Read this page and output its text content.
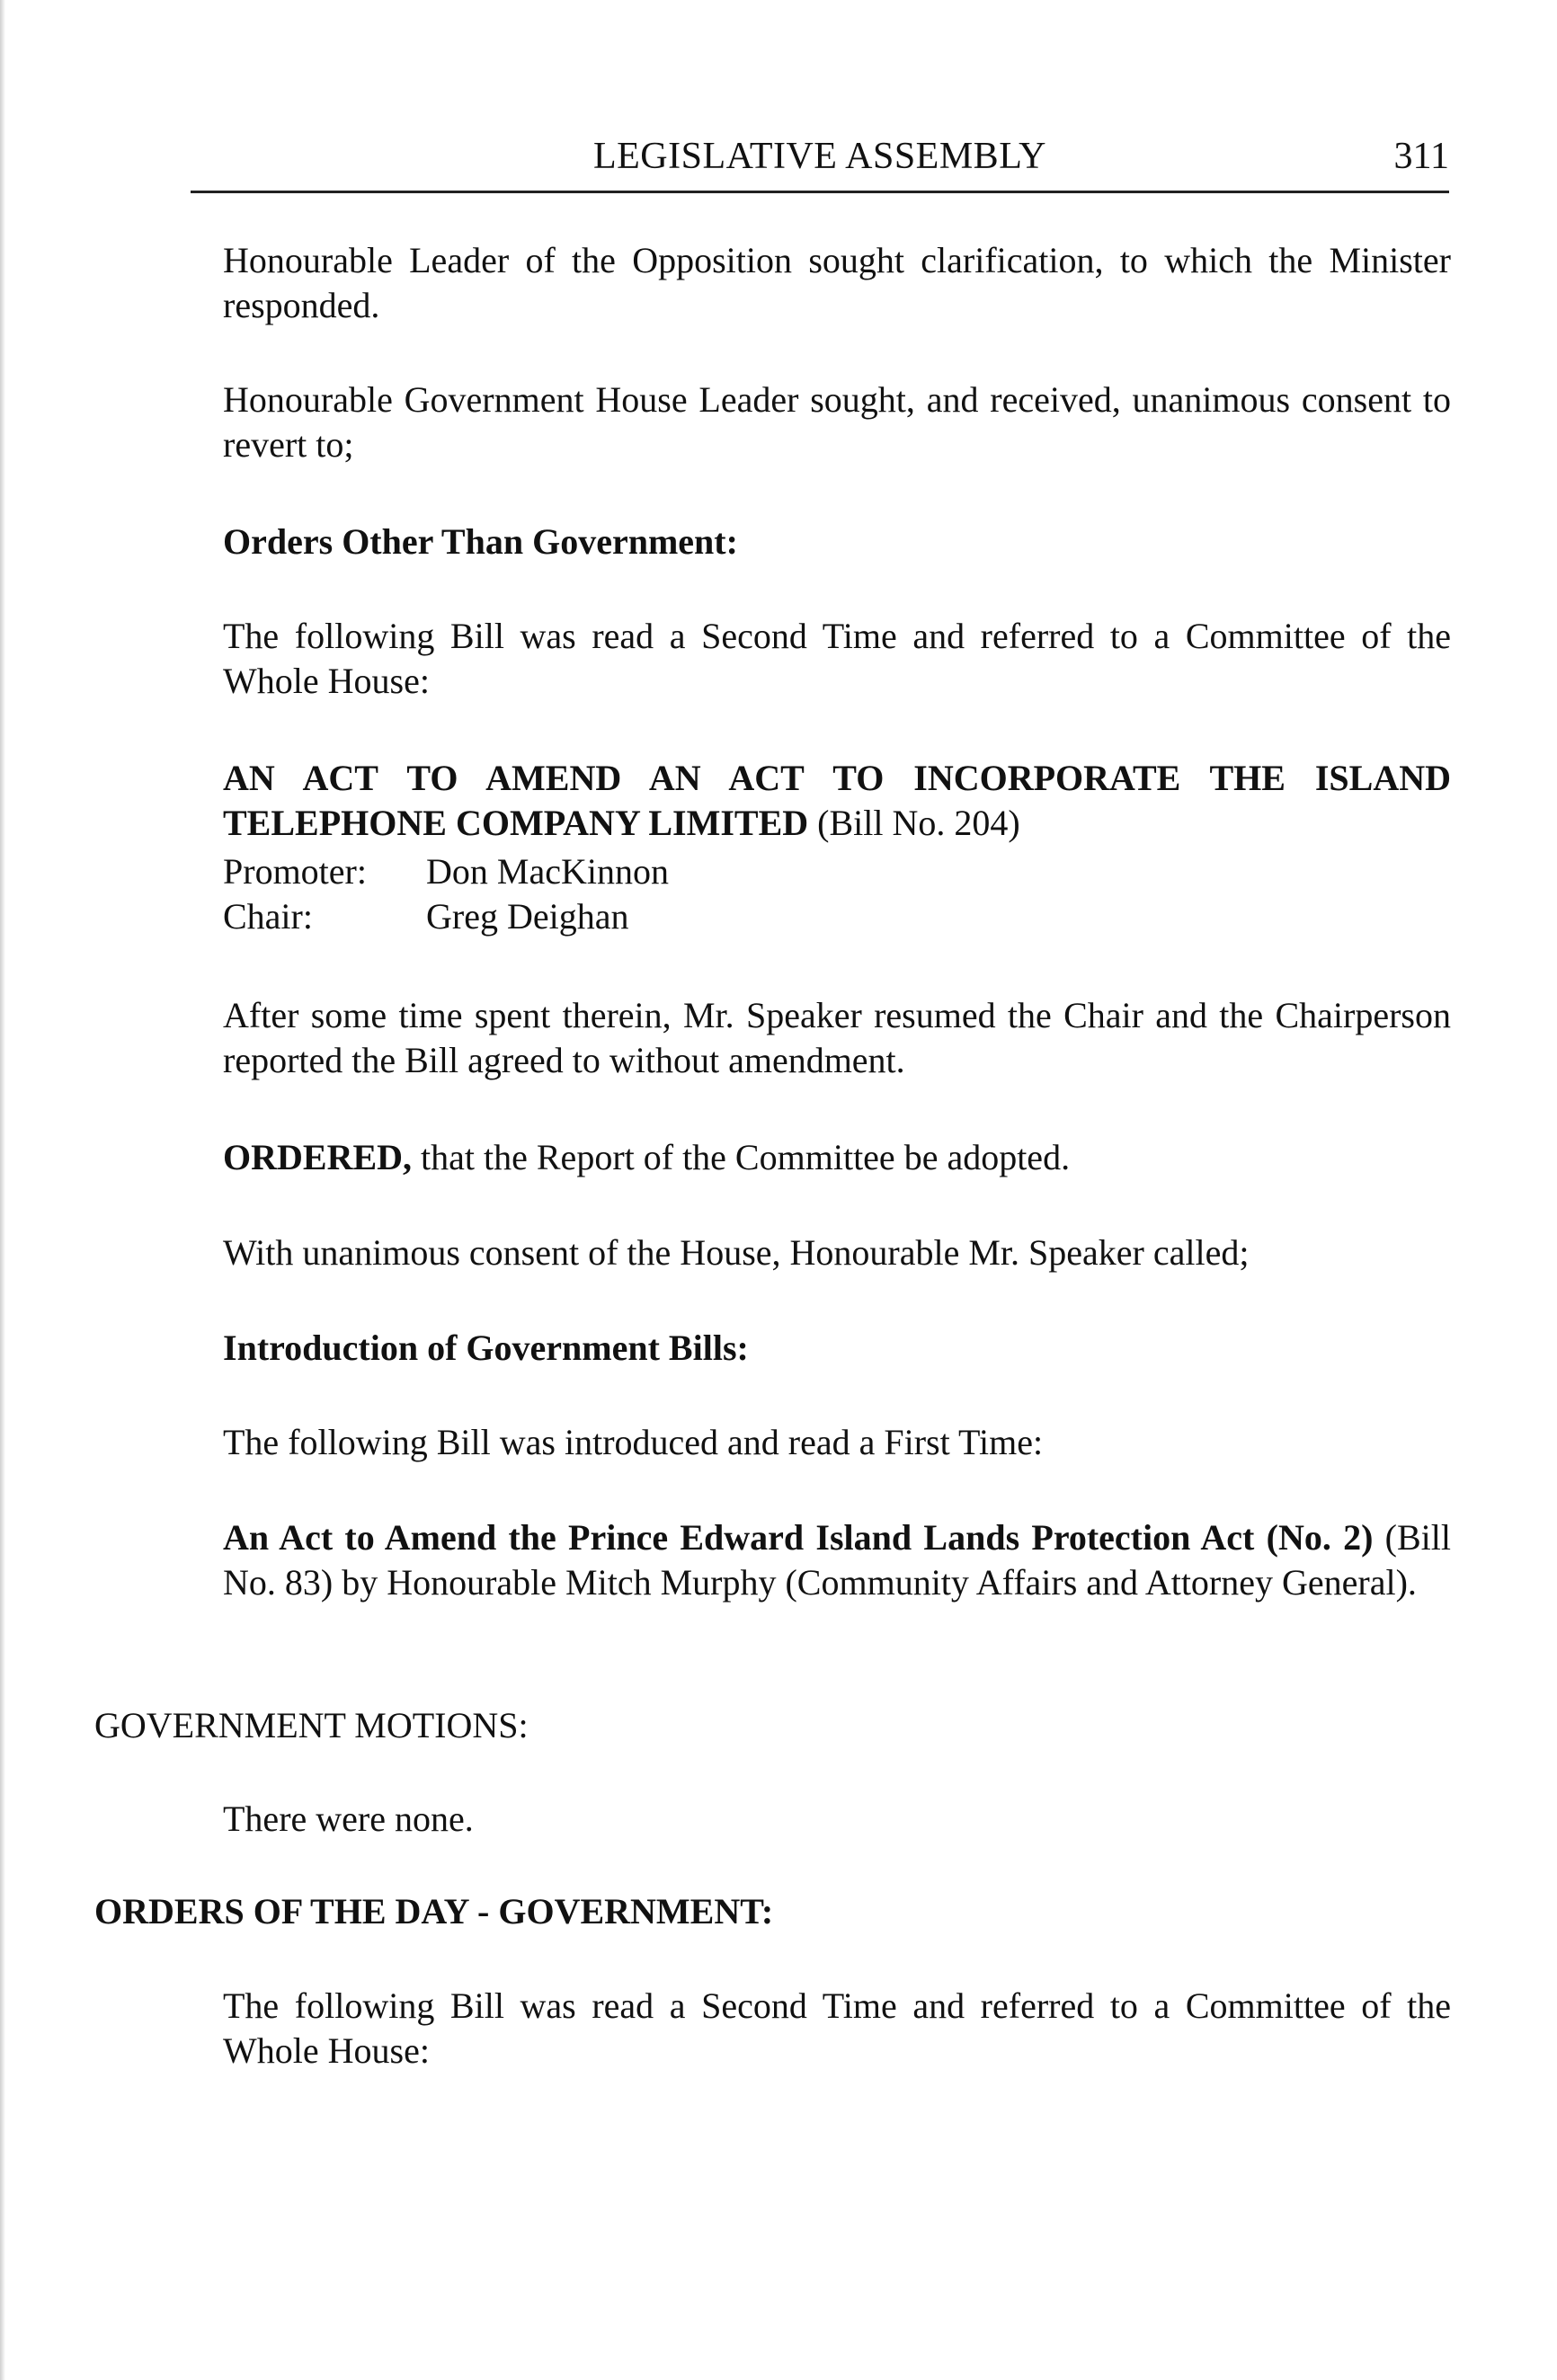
LEGISLATIVE ASSEMBLY	311
Honourable Leader of the Opposition sought clarification, to which the Minister responded.
Honourable Government House Leader sought, and received, unanimous consent to revert to;
Orders Other Than Government:
The following Bill was read a Second Time and referred to a Committee of the Whole House:
AN ACT TO AMEND AN ACT TO INCORPORATE THE ISLAND TELEPHONE COMPANY LIMITED (Bill No. 204)
Promoter: Don MacKinnon
Chair:	Greg Deighan
After some time spent therein, Mr. Speaker resumed the Chair and the Chairperson reported the Bill agreed to without amendment.
ORDERED, that the Report of the Committee be adopted.
With unanimous consent of the House, Honourable Mr. Speaker called;
Introduction of Government Bills:
The following Bill was introduced and read a First Time:
An Act to Amend the Prince Edward Island Lands Protection Act (No. 2) (Bill No. 83) by Honourable Mitch Murphy (Community Affairs and Attorney General).
GOVERNMENT MOTIONS:
There were none.
ORDERS OF THE DAY - GOVERNMENT:
The following Bill was read a Second Time and referred to a Committee of the Whole House:
